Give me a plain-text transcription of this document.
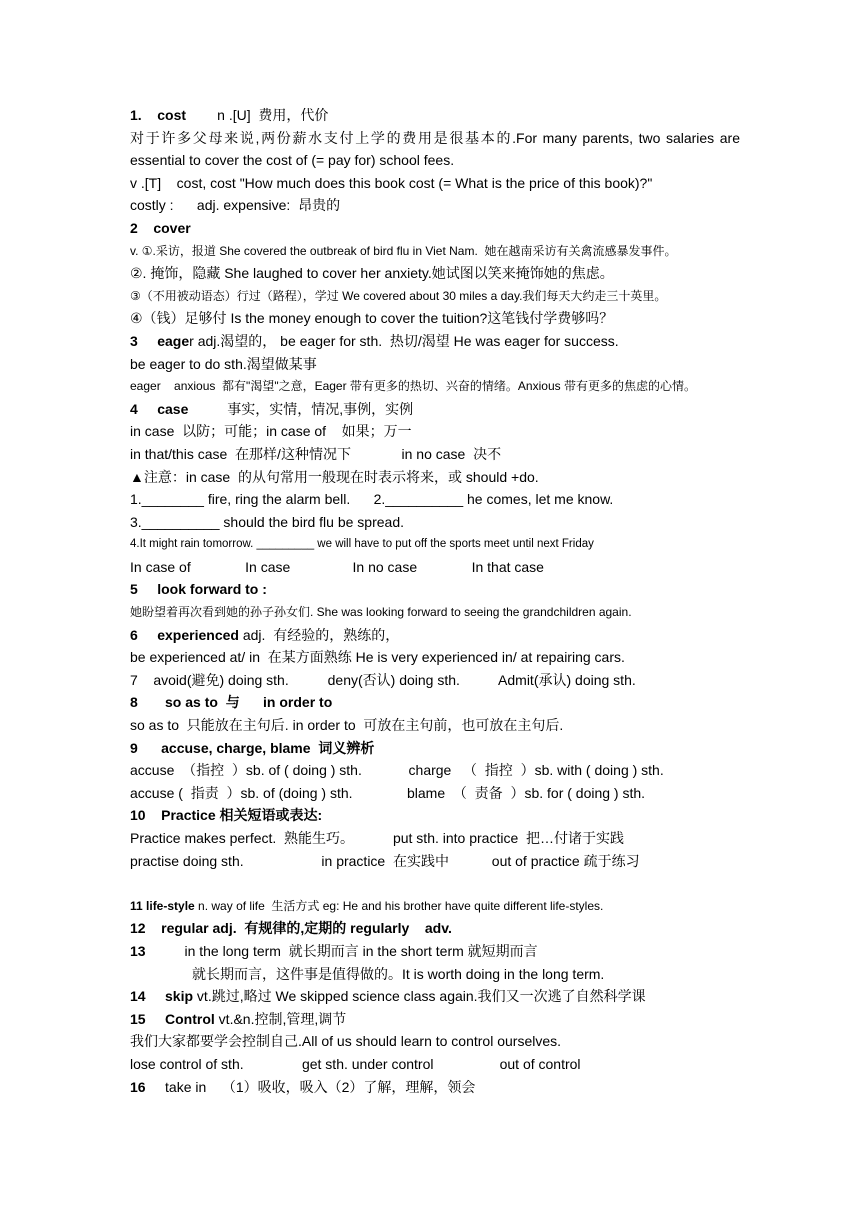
1.    cost        n .[U]  费用，代价
对于许多父母来说,两份薪水支付上学的费用是很基本的.For many parents, two salaries are
essential to cover the cost of (= pay for) school fees.
v .[T]    cost, cost "How much does this book cost (= What is the price of this book)?"
costly :      adj. expensive:  昂贵的
2    cover
v. ①.采访，报道 She covered the outbreak of bird flu in Viet Nam.  她在越南采访有关禽流感暴发事件。
②. 掩饰，隐藏 She laughed to cover her anxiety.她试图以笑来掩饰她的焦虑。
③（不用被动语态）行过（路程），学过 We covered about 30 miles a day.我们每天大约走三十英里。
④（钱）足够付 Is the money enough to cover the tuition?这笔钱付学费够吗？
3     eager adj.渴望的， be eager for sth.  热切/渴望 He was eager for success.
be eager to do sth.渴望做某事
eager    anxious  都有"渴望"之意，Eager 带有更多的热切、兴奋的情绪。Anxious 带有更多的焦虑的心情。
4     case          事实，实情，情况,事例，实例
in case  以防；可能；in case of    如果；万一
in that/this case  在那样/这种情况下             in no case  决不
▲注意：in case  的从句常用一般现在时表示将来，或 should +do.
1.________ fire, ring the alarm bell.      2.__________ he comes, let me know.
3.__________ should the bird flu be spread.
4.It might rain tomorrow. _________ we will have to put off the sports meet until next Friday
In case of              In case                In no case              In that case
5     look forward to :
她盼望着再次看到她的孙子孙女们. She was looking forward to seeing the grandchildren again.
6     experienced adj.  有经验的，熟练的，
be experienced at/ in  在某方面熟练 He is very experienced in/ at repairing cars.
7    avoid(避免) doing sth.          deny(否认) doing sth.          Admit(承认) doing sth.
8       so as to  与      in order to
so as to  只能放在主句后. in order to  可放在主句前，也可放在主句后.
9      accuse, charge, blame  词义辨析
accuse  （指控  ）sb. of ( doing ) sth.            charge   （  指控  ）sb. with ( doing ) sth.
accuse (  指责  ）sb. of (doing ) sth.              blame  （  责备  ）sb. for ( doing ) sth.
10    Practice 相关短语或表达:
Practice makes perfect.  熟能生巧。          put sth. into practice  把…付诸于实践
practise doing sth.                    in practice  在实践中           out of practice 疏于练习
11 life-style n. way of life  生活方式 eg: He and his brother have quite different life-styles.
12    regular adj.  有规律的,定期的 regularly    adv.
13          in the long term  就长期而言 in the short term 就短期而言
就长期而言，这件事是值得做的。It is worth doing in the long term.
14     skip vt.跳过,略过 We skipped science class again.我们又一次逃了自然科学课
15     Control vt.&n.控制,管理,调节
我们大家都要学会控制自己.All of us should learn to control ourselves.
lose control of sth.               get sth. under control                 out of control
16     take in    （1）吸收，吸入（2）了解，理解，领会
